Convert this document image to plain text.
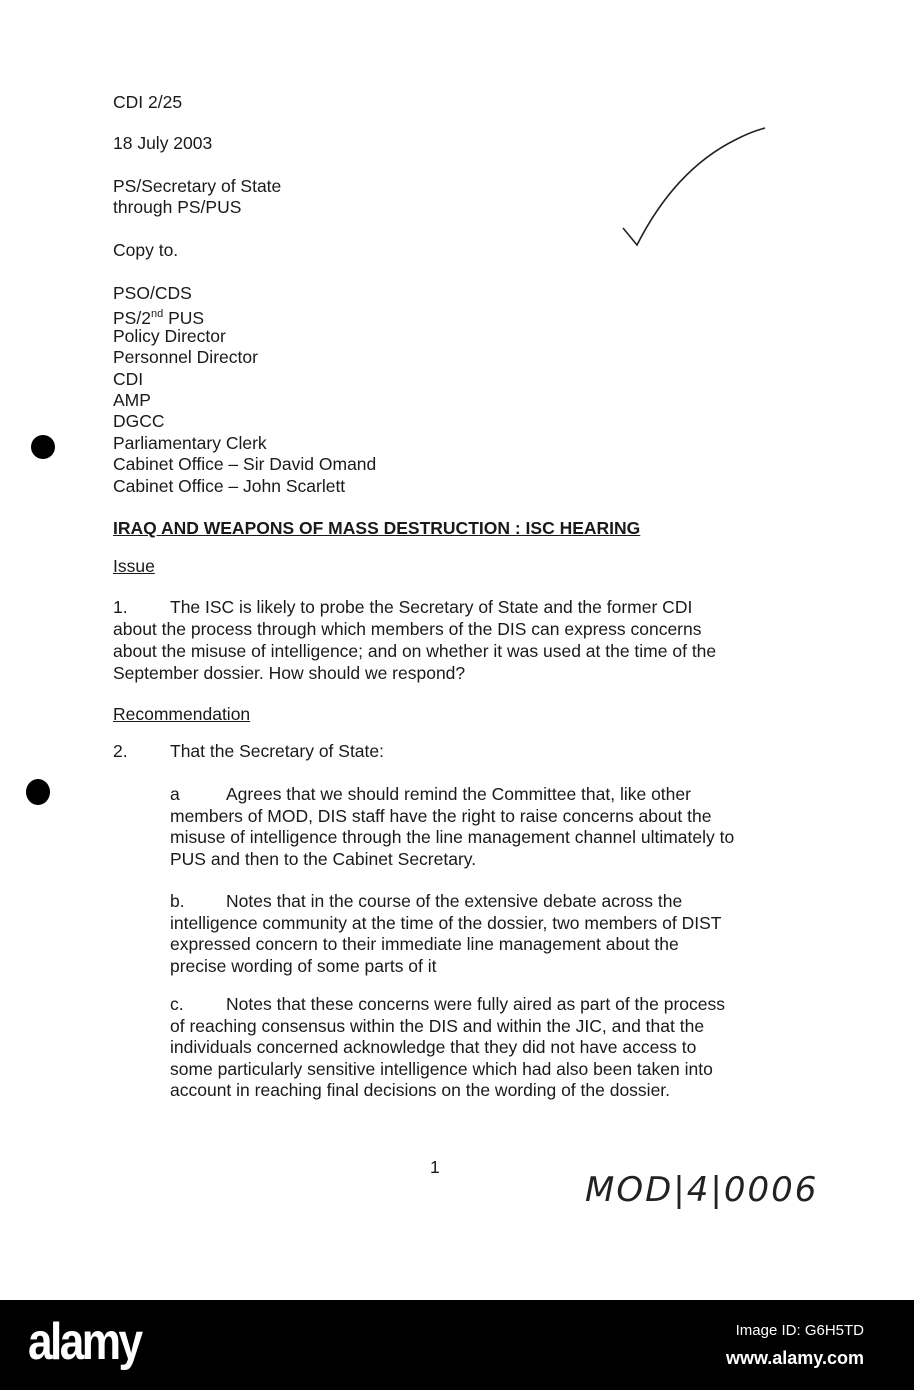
CDI 2/25
18 July 2003
PS/Secretary of State
through PS/PUS
Copy to.
PSO/CDS
PS/2nd PUS
Policy Director
Personnel Director
CDI
AMP
DGCC
Parliamentary Clerk
Cabinet Office – Sir David Omand
Cabinet Office – John Scarlett
IRAQ AND WEAPONS OF MASS DESTRUCTION : ISC HEARING
Issue
1. The ISC is likely to probe the Secretary of State and the former CDI
about the process through which members of the DIS can express concerns
about the misuse of intelligence; and on whether it was used at the time of the
September dossier. How should we respond?
Recommendation
2. That the Secretary of State:
a	Agrees that we should remind the Committee that, like other
members of MOD, DIS staff have the right to raise concerns about the
misuse of intelligence through the line management channel ultimately to
PUS and then to the Cabinet Secretary.
b. Notes that in the course of the extensive debate across the
intelligence community at the time of the dossier, two members of DIST
expressed concern to their immediate line management about the
precise wording of some parts of it
c. Notes that these concerns were fully aired as part of the process
of reaching consensus within the DIS and within the JIC, and that the
individuals concerned acknowledge that they did not have access to
some particularly sensitive intelligence which had also been taken into
account in reaching final decisions on the wording of the dossier.
1
MOD|4|0006
alamy	Image ID: G6H5TD
www.alamy.com
